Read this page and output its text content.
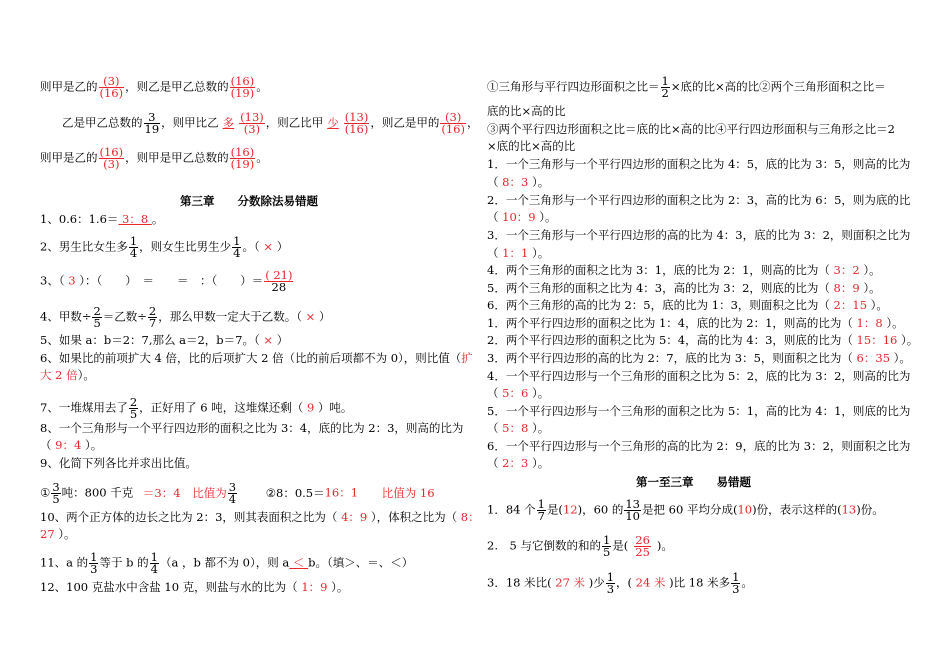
则甲是乙的 $\frac{(3)}{(16)}$ ，则乙是甲乙总数的 $\frac{(16)}{(19)}$ 。
乙是甲乙总数的 $\frac{3}{19}$ ，则甲比乙 多 $\frac{(13)}{(3)}$ ，则乙比甲 少 $\frac{(13)}{(16)}$ ，则乙是甲的 $\frac{(3)}{(16)}$ ，
则甲是乙的 $\frac{(16)}{(3)}$ ，则甲是甲乙总数的 $\frac{(16)}{(19)}$ 。
第三章　　分数除法易错题
1、0.6：1.6＝ 3：8 。
2、男生比女生多 $\frac{1}{4}$ ，则女生比男生少 $\frac{1}{4}$ 。（ × ）
3、（ 3 ）：（　　）　＝　　＝　：（　　）＝ $\frac{( 21)}{28}$
4、甲数÷ $\frac{2}{5}$ ＝乙数÷ $\frac{2}{7}$ ，那么甲数一定大于乙数。（ × ）
5、如果 a：b＝2：7,那么 a＝2，b＝7。（ × ）
6、如果比的前项扩大 4 倍，比的后项扩大 2 倍（比的前后项都不为 0），则比值（扩
大 2 倍）。
7、一堆煤用去了 $\frac{2}{5}$ ，正好用了 6 吨，这堆煤还剩（ 9 ）吨。
8、一个三角形与一个平行四边形的面积之比为 3：4，底的比为 2：3，则高的比为
（ 9：4 ）。
9、化简下列各比并求出比值。
① $\frac{3}{5}$ 吨：800 千克 ＝3：4 比值为 $\frac{3}{4}$ ②8：0.5＝16：1 比值为 16
10、两个正方体的边长之比为 2：3，则其表面积之比为（ 4：9 ），体积之比为（ 8：
27 ）。
11、a 的 $\frac{1}{3}$ 等于 b 的 $\frac{1}{4} (a$ ，b 都不为 0），则 a ＜ b。（填＞、＝、＜）
12、100 克盐水中含盐 10 克，则盐与水的比为（ 1：9 ）。
①三角形与平行四边形面积之比＝ $\frac{1}{2}$ ×底的比×高的比②两个三角形面积之比＝
底的比×高的比
③两个平行四边形面积之比＝底的比×高的比④平行四边形面积与三角形之比＝2
×底的比×高的比
1．一个三角形与一个平行四边形的面积之比为 4：5，底的比为 3：5，则高的比为
（ 8：3 ）。
2．一个三角形与一个平行四边形的面积之比为 2：3，高的比为 6：5，则为底的比
（ 10：9 ）。
3．一个三角形与一个平行四边形的高的比为 4：3，底的比为 3：2，则面积之比为
（ 1：1 ）。
4．两个三角形的面积之比为 3：1，底的比为 2：1，则高的比为（ 3：2 ）。
5．两个三角形的面积之比为 4：3，高的比为 3：2，则底的比为（ 8：9 ）。
6．两个三角形的高的比为 2：5，底的比为 1：3，则面积之比为（ 2：15 ）。
1．两个平行四边形的面积之比为 1：4，底的比为 2：1，则高的比为（ 1：8 ）。
2．两个平行四边形的面积之比为 5：4，高的比为 4：3，则底的比为（ 15：16 ）。
3．两个平行四边形的高的比为 2：7，底的比为 3：5，则面积之比为（ 6：35 ）。
4．一个平行四边形与一个三角形的面积之比为 5：2，底的比为 3：2，则高的比为
（ 5：6 ）。
5．一个平行四边形与一个三角形的面积之比为 5：1，高的比为 4：1，则底的比为
（ 5：8 ）。
6．一个平行四边形与一个三角形的高的比为 2：9，底的比为 3：2，则面积之比为
（ 2：3 ）。
第一至三章　　易错题
1．84 个 $\frac{1}{7}$ 是(12)，60 的 $\frac{13}{10}$ 是把 60 平均分成(10)份，表示这样的(13)份。
2.　5 与它倒数的和的 $\frac{1}{5}$ 是( $\frac{26}{25}$ )。
3．18 米比( 27 米 )少 $\frac{1}{3}$ ，( 24 米 )比 18 米多 $\frac{1}{3}$ 。
